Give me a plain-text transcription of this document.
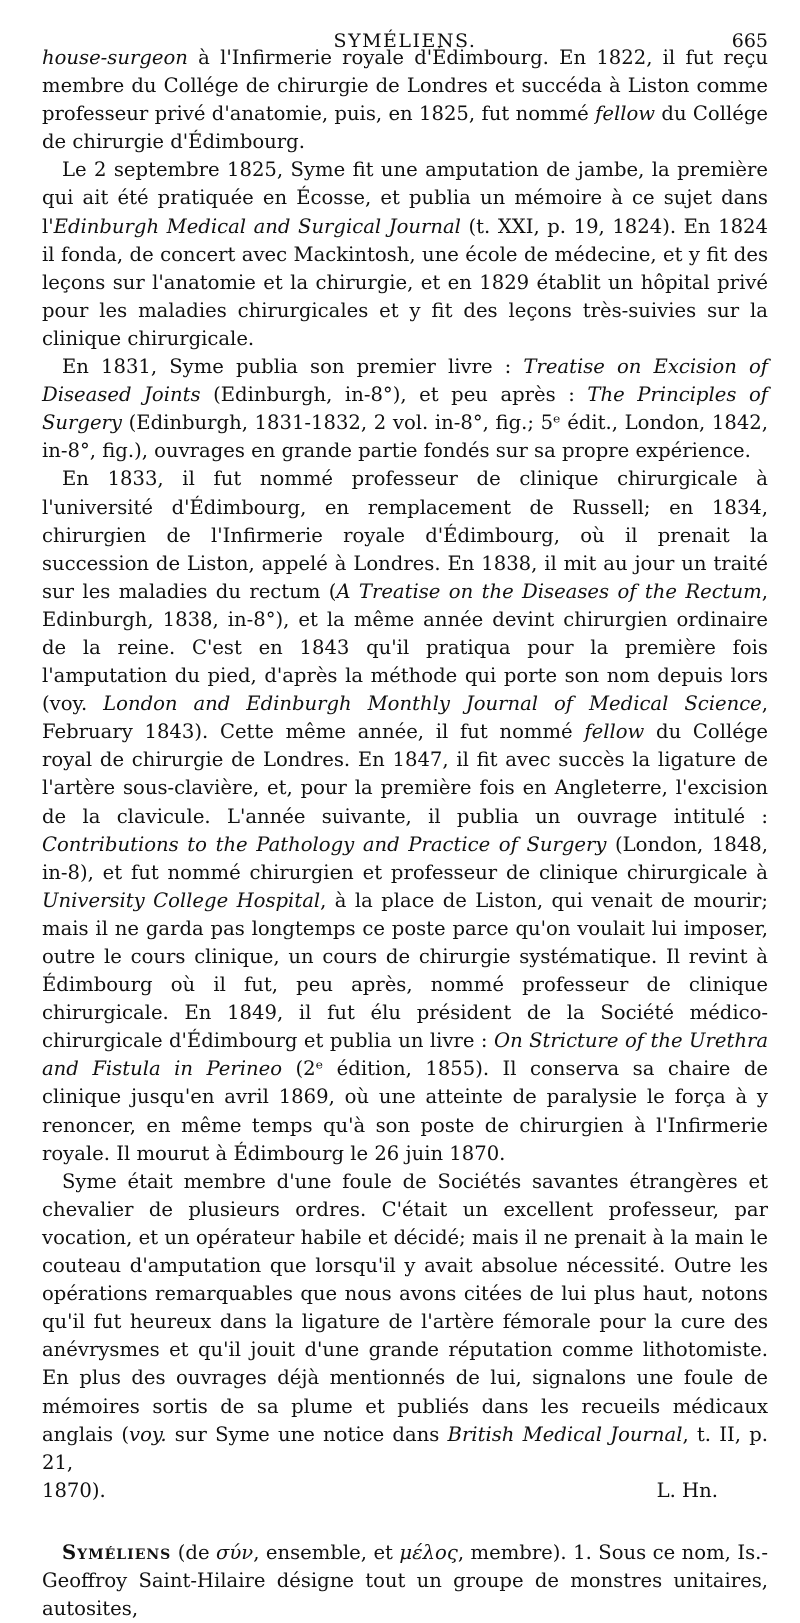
SYMÉLIENS.	665

house-surgeon à l'Infirmerie royale d'Édimbourg. En 1822, il fut reçu membre du Collége de chirurgie de Londres et succéda à Liston comme professeur privé d'anatomie, puis, en 1825, fut nommé fellow du Collége de chirurgie d'Édimbourg.

Le 2 septembre 1825, Syme fit une amputation de jambe, la première qui ait été pratiquée en Écosse, et publia un mémoire à ce sujet dans l'Edinburgh Medical and Surgical Journal (t. XXI, p. 19, 1824). En 1824 il fonda, de concert avec Mackintosh, une école de médecine, et y fit des leçons sur l'anatomie et la chirurgie, et en 1829 établit un hôpital privé pour les maladies chirurgicales et y fit des leçons très-suivies sur la clinique chirurgicale.

En 1831, Syme publia son premier livre : Treatise on Excision of Diseased Joints (Edinburgh, in-8°), et peu après : The Principles of Surgery (Edinburgh, 1831-1832, 2 vol. in-8°, fig.; 5ᵉ édit., London, 1842, in-8°, fig.), ouvrages en grande partie fondés sur sa propre expérience.

En 1833, il fut nommé professeur de clinique chirurgicale à l'université d'Édimbourg, en remplacement de Russell; en 1834, chirurgien de l'Infirmerie royale d'Édimbourg, où il prenait la succession de Liston, appelé à Londres. En 1838, il mit au jour un traité sur les maladies du rectum (A Treatise on the Diseases of the Rectum, Edinburgh, 1838, in-8°), et la même année devint chirurgien ordinaire de la reine. C'est en 1843 qu'il pratiqua pour la première fois l'amputation du pied, d'après la méthode qui porte son nom depuis lors (voy. London and Edinburgh Monthly Journal of Medical Science, February 1843). Cette même année, il fut nommé fellow du Collége royal de chirurgie de Londres. En 1847, il fit avec succès la ligature de l'artère sous-clavière, et, pour la première fois en Angleterre, l'excision de la clavicule. L'année suivante, il publia un ouvrage intitulé : Contributions to the Pathology and Practice of Surgery (London, 1848, in-8), et fut nommé chirurgien et professeur de clinique chirurgicale à University College Hospital, à la place de Liston, qui venait de mourir; mais il ne garda pas longtemps ce poste parce qu'on voulait lui imposer, outre le cours clinique, un cours de chirurgie systématique. Il revint à Édimbourg où il fut, peu après, nommé professeur de clinique chirurgicale. En 1849, il fut élu président de la Société médico-chirurgicale d'Édimbourg et publia un livre : On Stricture of the Urethra and Fistula in Perineo (2ᵉ édition, 1855). Il conserva sa chaire de clinique jusqu'en avril 1869, où une atteinte de paralysie le força à y renoncer, en même temps qu'à son poste de chirurgien à l'Infirmerie royale. Il mourut à Édimbourg le 26 juin 1870.

Syme était membre d'une foule de Sociétés savantes étrangères et chevalier de plusieurs ordres. C'était un excellent professeur, par vocation, et un opérateur habile et décidé; mais il ne prenait à la main le couteau d'amputation que lorsqu'il y avait absolue nécessité. Outre les opérations remarquables que nous avons citées de lui plus haut, notons qu'il fut heureux dans la ligature de l'artère fémorale pour la cure des anévrysmes et qu'il jouit d'une grande réputation comme lithotomiste. En plus des ouvrages déjà mentionnés de lui, signalons une foule de mémoires sortis de sa plume et publiés dans les recueils médicaux anglais (voy. sur Syme une notice dans British Medical Journal, t. II, p. 21,

1870).	L. Hn.

Syméliens (de σύν, ensemble, et μέλος, membre). 1. Sous ce nom, Is.-Geoffroy Saint-Hilaire désigne tout un groupe de monstres unitaires, autosites,
